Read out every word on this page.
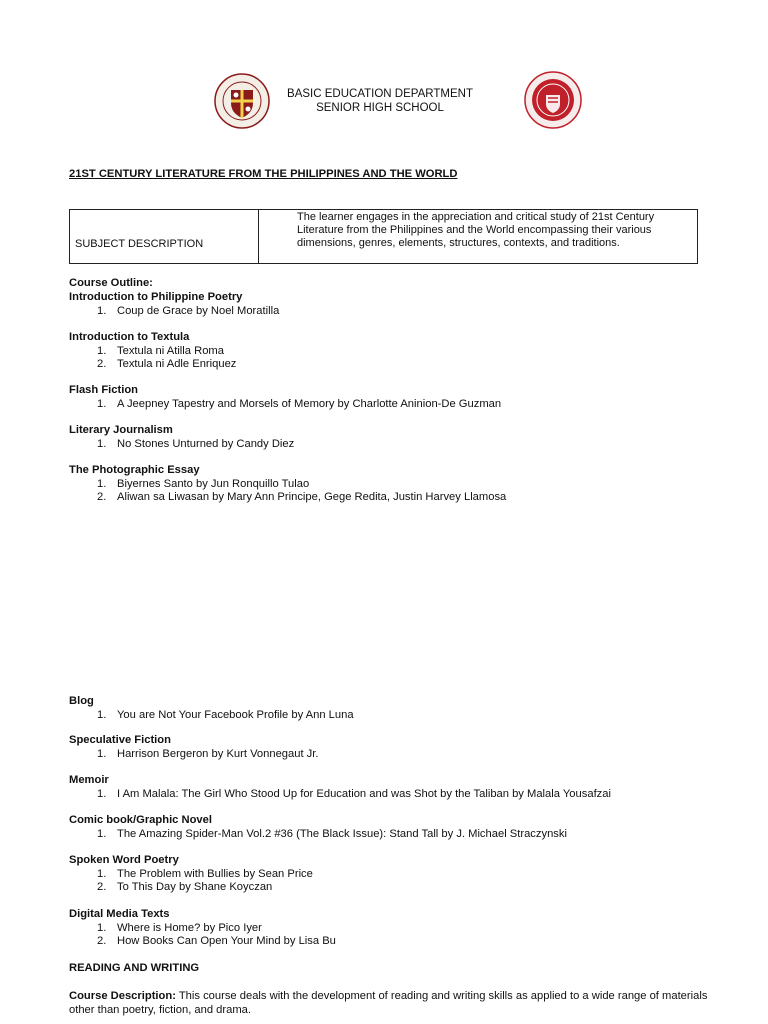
BASIC EDUCATION DEPARTMENT
SENIOR HIGH SCHOOL
21ST CENTURY LITERATURE FROM THE PHILIPPINES AND THE WORLD
SUBJECT DESCRIPTION	The learner engages in the appreciation and critical study of 21st Century Literature from the Philippines and the World encompassing their various dimensions, genres, elements, structures, contexts, and traditions.
Course Outline:
Introduction to Philippine Poetry
1. Coup de Grace by Noel Moratilla
Introduction to Textula
1. Textula ni Atilla Roma
2. Textula ni Adle Enriquez
Flash Fiction
1. A Jeepney Tapestry and Morsels of Memory by Charlotte Aninion-De Guzman
Literary Journalism
1. No Stones Unturned by Candy Diez
The Photographic Essay
1. Biyernes Santo by Jun Ronquillo Tulao
2. Aliwan sa Liwasan by Mary Ann Principe, Gege Redita, Justin Harvey Llamosa
Blog
1. You are Not Your Facebook Profile by Ann Luna
Speculative Fiction
1. Harrison Bergeron by Kurt Vonnegaut Jr.
Memoir
1. I Am Malala: The Girl Who Stood Up for Education and was Shot by the Taliban by Malala Yousafzai
Comic book/Graphic Novel
1. The Amazing Spider-Man Vol.2 #36 (The Black Issue): Stand Tall by J. Michael Straczynski
Spoken Word Poetry
1. The Problem with Bullies by Sean Price
2. To This Day by Shane Koyczan
Digital Media Texts
1. Where is Home? by Pico Iyer
2. How Books Can Open Your Mind by Lisa Bu
READING AND WRITING
Course Description: This course deals with the development of reading and writing skills as applied to a wide range of materials other than poetry, fiction, and drama.
